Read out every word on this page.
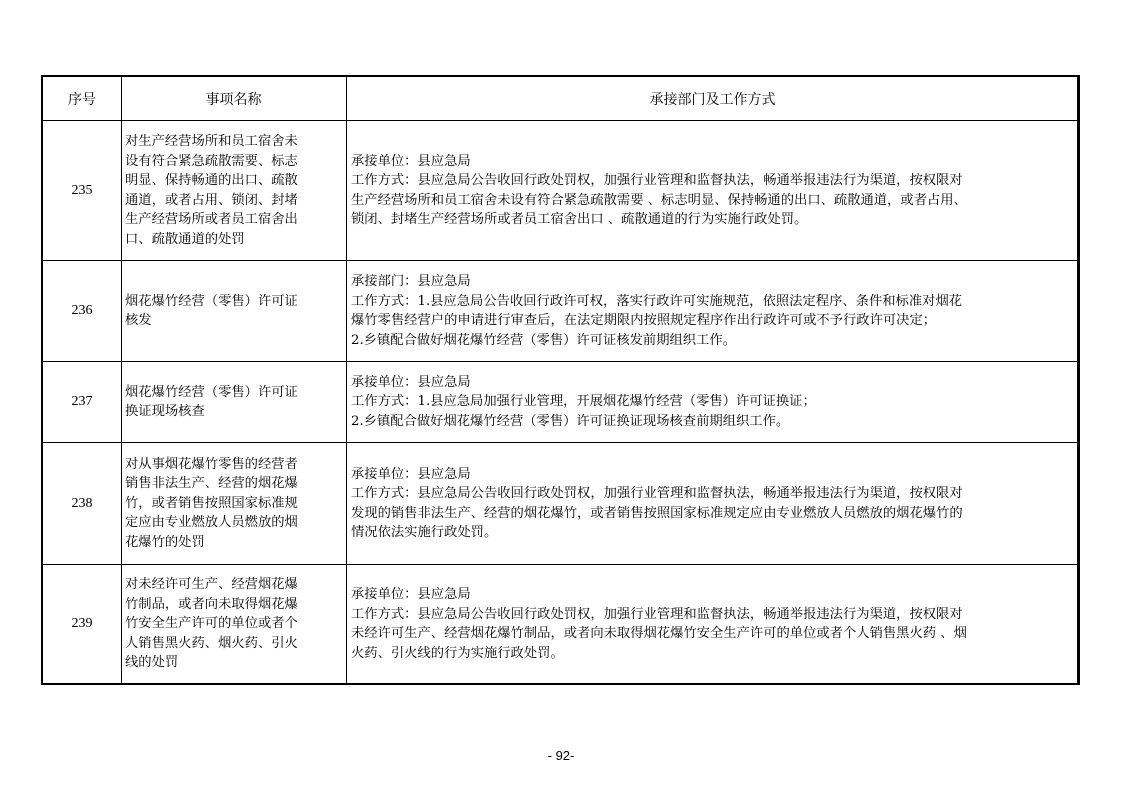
序号	事项名称	承接部门及工作方式
235
对生产经营场所和员工宿舍未
设有符合紧急疏散需要、标志
明显、保持畅通的出口、疏散
通道，或者占用、锁闭、封堵
生产经营场所或者员工宿舍出
口、疏散通道的处罚
承接单位：县应急局
工作方式：县应急局公告收回行政处罚权，加强行业管理和监督执法，畅通举报违法行为渠道，按权限对
生产经营场所和员工宿舍未设有符合紧急疏散需要 、标志明显、保持畅通的出口、疏散通道，或者占用、
锁闭、封堵生产经营场所或者员工宿舍出口 、疏散通道的行为实施行政处罚。
236
烟花爆竹经营（零售）许可证
核发
承接部门：县应急局
工作方式：1.县应急局公告收回行政许可权，落实行政许可实施规范，依照法定程序、条件和标准对烟花
爆竹零售经营户的申请进行审查后，在法定期限内按照规定程序作出行政许可或不予行政许可决定；
2.乡镇配合做好烟花爆竹经营（零售）许可证核发前期组织工作。
237
烟花爆竹经营（零售）许可证
换证现场核查
承接单位：县应急局
工作方式：1.县应急局加强行业管理，开展烟花爆竹经营（零售）许可证换证；
2.乡镇配合做好烟花爆竹经营（零售）许可证换证现场核查前期组织工作。
238
对从事烟花爆竹零售的经营者
销售非法生产、经营的烟花爆
竹，或者销售按照国家标准规
定应由专业燃放人员燃放的烟
花爆竹的处罚
承接单位：县应急局
工作方式：县应急局公告收回行政处罚权，加强行业管理和监督执法，畅通举报违法行为渠道，按权限对
发现的销售非法生产、经营的烟花爆竹，或者销售按照国家标准规定应由专业燃放人员燃放的烟花爆竹的
情况依法实施行政处罚。
239
对未经许可生产、经营烟花爆
竹制品，或者向未取得烟花爆
竹安全生产许可的单位或者个
人销售黑火药、烟火药、引火
线的处罚
承接单位：县应急局
工作方式：县应急局公告收回行政处罚权，加强行业管理和监督执法，畅通举报违法行为渠道，按权限对
未经许可生产、经营烟花爆竹制品，或者向未取得烟花爆竹安全生产许可的单位或者个人销售黑火药 、烟
火药、引火线的行为实施行政处罚。
- 92-
